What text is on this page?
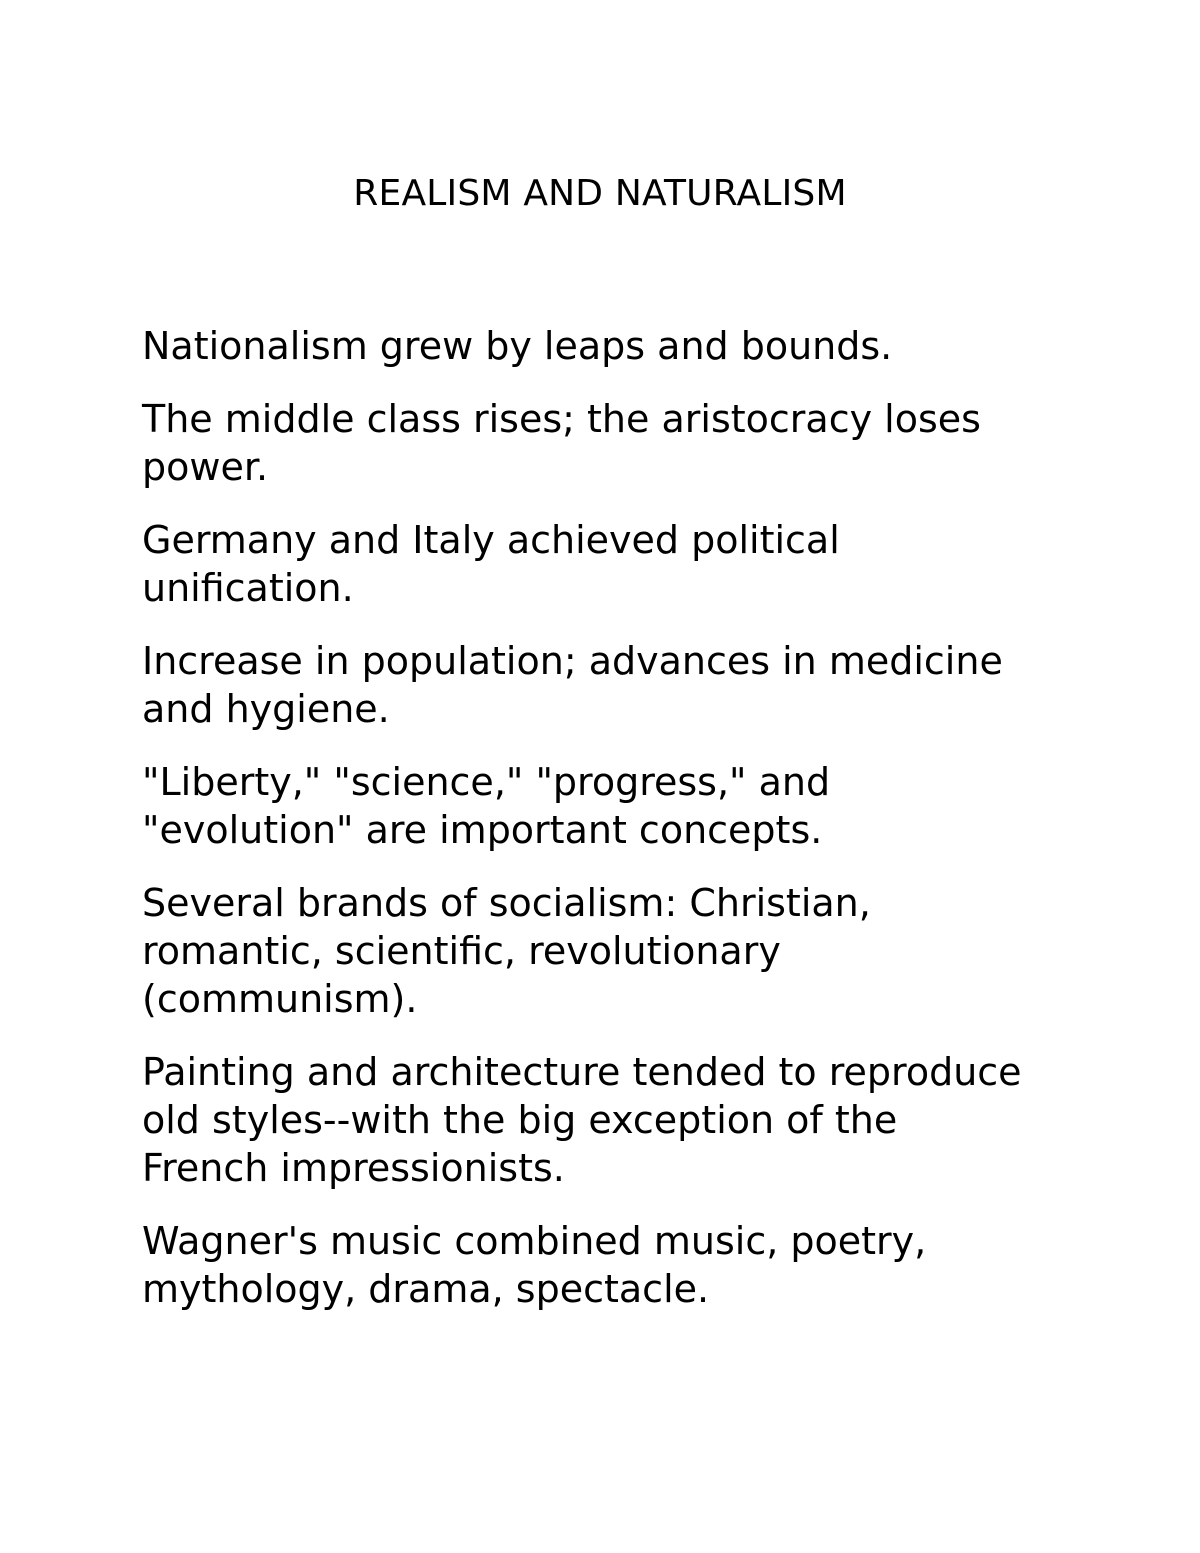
REALISM AND NATURALISM

Nationalism grew by leaps and bounds.

The middle class rises; the aristocracy loses
power.

Germany and Italy achieved political
unification.

Increase in population; advances in medicine
and hygiene.

"Liberty," "science," "progress," and
"evolution" are important concepts.

Several brands of socialism: Christian,
romantic, scientific, revolutionary
(communism).

Painting and architecture tended to reproduce
old styles--with the big exception of the
French impressionists.

Wagner's music combined music, poetry,
mythology, drama, spectacle.
